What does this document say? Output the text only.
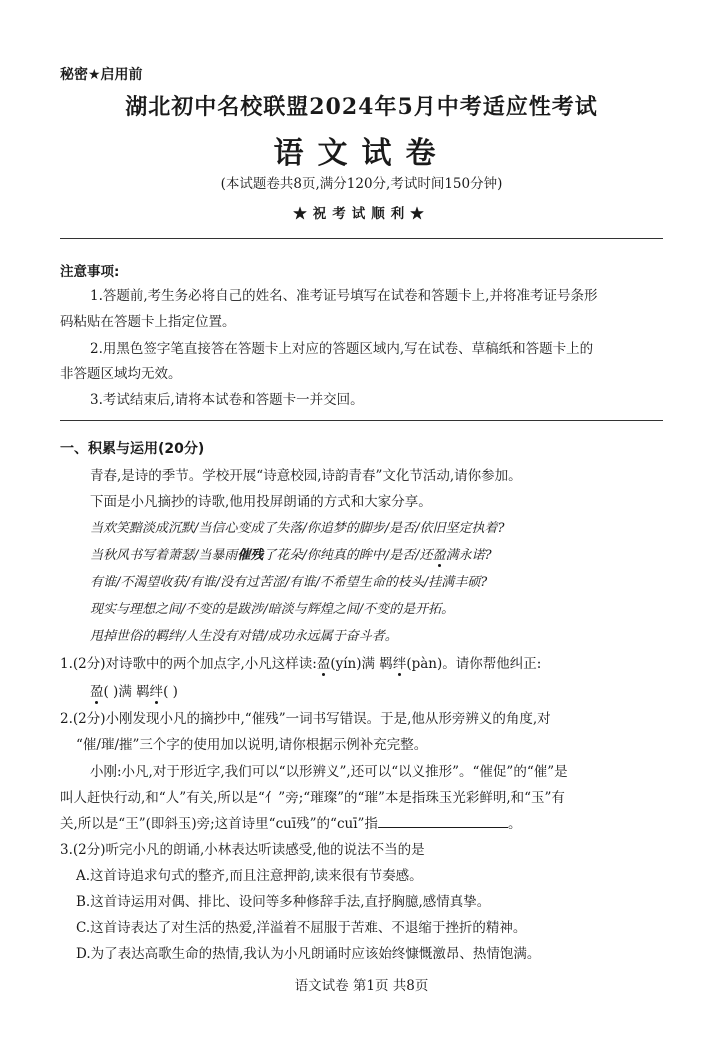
秘密★启用前
湖北初中名校联盟2024年5月中考适应性考试
语文试卷
(本试题卷共8页,满分120分,考试时间150分钟)
★祝考试顺利★
注意事项:
1.答题前,考生务必将自己的姓名、准考证号填写在试卷和答题卡上,并将准考证号条形
码粘贴在答题卡上指定位置。
2.用黑色签字笔直接答在答题卡上对应的答题区域内,写在试卷、草稿纸和答题卡上的
非答题区域均无效。
3.考试结束后,请将本试卷和答题卡一并交回。
一、积累与运用(20分)
青春,是诗的季节。学校开展“诗意校园,诗韵青春”文化节活动,请你参加。
下面是小凡摘抄的诗歌,他用投屏朗诵的方式和大家分享。
当欢笑黯淡成沉默/当信心变成了失落/你追梦的脚步/是否/依旧坚定执着?
当秋风书写着萧瑟/当暴雨催残了花朵/你纯真的眸中/是否/还盈满永诺?
有谁/不渴望收获/有谁/没有过苦涩/有谁/不希望生命的枝头/挂满丰硕?
现实与理想之间/不变的是跋涉/暗淡与辉煌之间/不变的是开拓。
甩掉世俗的羁绊/人生没有对错/成功永远属于奋斗者。
1.(2分)对诗歌中的两个加点字,小凡这样读:盈(yín)满 羁绊(pàn)。请你帮他纠正:
盈( )满 羁绊( )
2.(2分)小刚发现小凡的摘抄中,“催残”一词书写错误。于是,他从形旁辨义的角度,对
“催/璀/摧”三个字的使用加以说明,请你根据示例补充完整。
小刚:小凡,对于形近字,我们可以“以形辨义”,还可以“以义推形”。“催促”的“催”是
叫人赶快行动,和“人”有关,所以是“亻”旁;“璀璨”的“璀”本是指珠玉光彩鲜明,和“玉”有
关,所以是“王”(即斜玉)旁;这首诗里“cuī残”的“cuī”指	。
3.(2分)听完小凡的朗诵,小林表达听读感受,他的说法不当的是
A.这首诗追求句式的整齐,而且注意押韵,读来很有节奏感。
B.这首诗运用对偶、排比、设问等多种修辞手法,直抒胸臆,感情真挚。
C.这首诗表达了对生活的热爱,洋溢着不屈服于苦难、不退缩于挫折的精神。
D.为了表达高歌生命的热情,我认为小凡朗诵时应该始终慷慨激昂、热情饱满。
语文试卷 第1页 共8页
